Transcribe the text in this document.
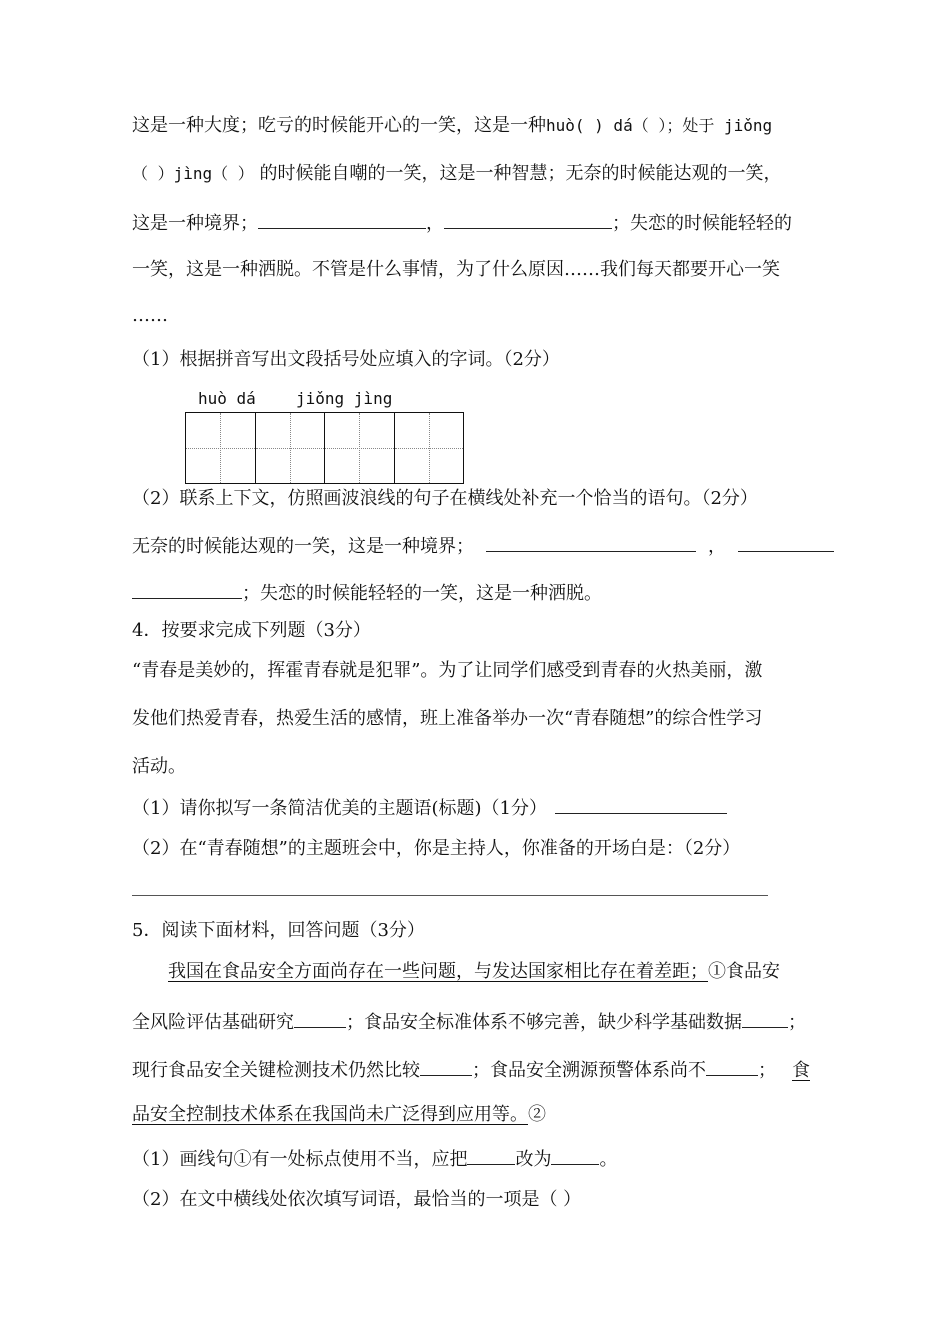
这是一种大度；吃亏的时候能开心的一笑，这是一种huò( ) dá（ ）；处于 jiǒng
（ ）jìng（ ） 的时候能自嘲的一笑，这是一种智慧；无奈的时候能达观的一笑，
这是一种境界；	，	；失恋的时候能轻轻的
一笑，这是一种洒脱。不管是什么事情，为了什么原因……我们每天都要开心一笑
……
（1）根据拼音写出文段括号处应填入的字词。（2分）
huò dá	jiǒng jìng
（2）联系上下文，仿照画波浪线的句子在横线处补充一个恰当的语句。（2分）
无奈的时候能达观的一笑，这是一种境界；	，
；失恋的时候能轻轻的一笑，这是一种洒脱。
4．按要求完成下列题（3分）
“青春是美妙的，挥霍青春就是犯罪”。为了让同学们感受到青春的火热美丽，激
发他们热爱青春，热爱生活的感情，班上准备举办一次“青春随想”的综合性学习
活动。
（1）请你拟写一条简洁优美的主题语(标题)（1分）
（2）在“青春随想”的主题班会中，你是主持人，你准备的开场白是：（2分）
5．阅读下面材料，回答问题（3分）
我国在食品安全方面尚存在一些问题，与发达国家相比存在着差距；①食品安
全风险评估基础研究	；食品安全标准体系不够完善，缺少科学基础数据	；
现行食品安全关键检测技术仍然比较	；食品安全溯源预警体系尚不	； 食
品安全控制技术体系在我国尚未广泛得到应用等。②
（1）画线句①有一处标点使用不当，应把	改为	。
（2）在文中横线处依次填写词语，最恰当的一项是（ ）
